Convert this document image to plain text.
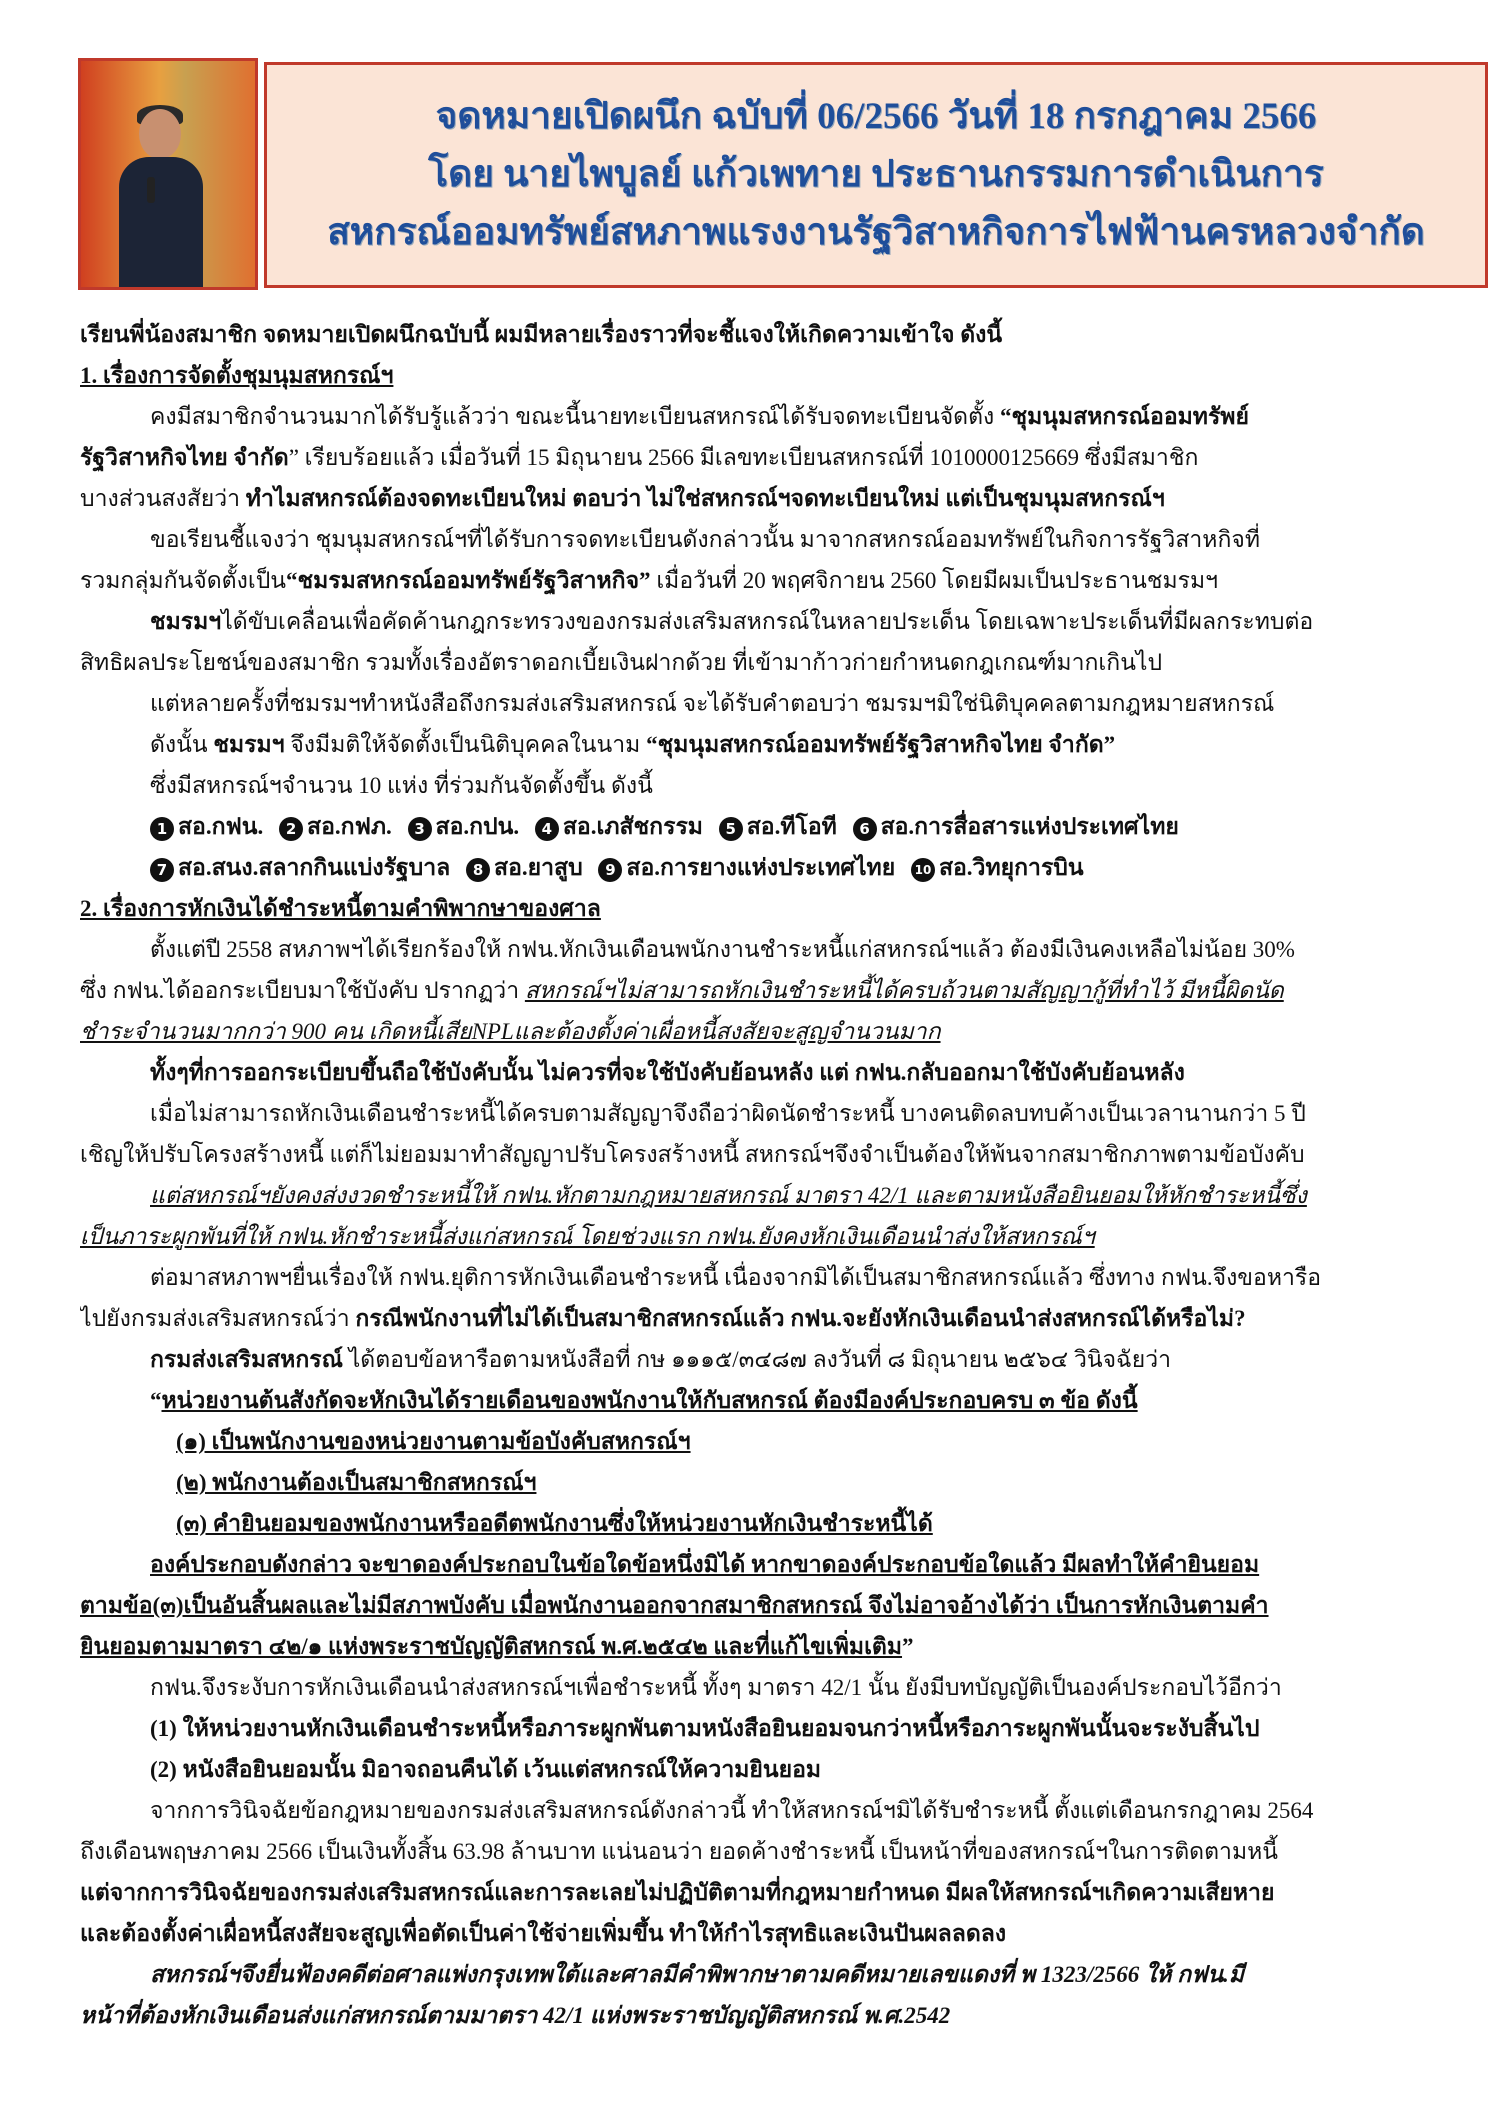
จดหมายเปิดผนึก ฉบับที่ 06/2566 วันที่ 18 กรกฎาคม 2566
โดย นายไพบูลย์ แก้วเพทาย ประธานกรรมการดำเนินการ
สหกรณ์ออมทรัพย์สหภาพแรงงานรัฐวิสาหกิจการไฟฟ้านครหลวงจำกัด

เรียนพี่น้องสมาชิก จดหมายเปิดผนึกฉบับนี้ ผมมีหลายเรื่องราวที่จะชี้แจงให้เกิดความเข้าใจ ดังนี้

1. เรื่องการจัดตั้งชุมนุมสหกรณ์ฯ

คงมีสมาชิกจำนวนมากได้รับรู้แล้วว่า ขณะนี้นายทะเบียนสหกรณ์ได้รับจดทะเบียนจัดตั้ง “ชุมนุมสหกรณ์ออมทรัพย์

รัฐวิสาหกิจไทย จำกัด” เรียบร้อยแล้ว เมื่อวันที่ 15 มิถุนายน 2566 มีเลขทะเบียนสหกรณ์ที่ 1010000125669 ซึ่งมีสมาชิก

บางส่วนสงสัยว่า ทำไมสหกรณ์ต้องจดทะเบียนใหม่ ตอบว่า ไม่ใช่สหกรณ์ฯจดทะเบียนใหม่ แต่เป็นชุมนุมสหกรณ์ฯ

ขอเรียนชี้แจงว่า ชุมนุมสหกรณ์ฯที่ได้รับการจดทะเบียนดังกล่าวนั้น มาจากสหกรณ์ออมทรัพย์ในกิจการรัฐวิสาหกิจที่

รวมกลุ่มกันจัดตั้งเป็น“ชมรมสหกรณ์ออมทรัพย์รัฐวิสาหกิจ” เมื่อวันที่ 20 พฤศจิกายน 2560 โดยมีผมเป็นประธานชมรมฯ

ชมรมฯได้ขับเคลื่อนเพื่อคัดค้านกฎกระทรวงของกรมส่งเสริมสหกรณ์ในหลายประเด็น โดยเฉพาะประเด็นที่มีผลกระทบต่อ

สิทธิผลประโยชน์ของสมาชิก รวมทั้งเรื่องอัตราดอกเบี้ยเงินฝากด้วย ที่เข้ามาก้าวก่ายกำหนดกฎเกณฑ์มากเกินไป

แต่หลายครั้งที่ชมรมฯทำหนังสือถึงกรมส่งเสริมสหกรณ์ จะได้รับคำตอบว่า ชมรมฯมิใช่นิติบุคคลตามกฎหมายสหกรณ์

ดังนั้น ชมรมฯ จึงมีมติให้จัดตั้งเป็นนิติบุคคลในนาม “ชุมนุมสหกรณ์ออมทรัพย์รัฐวิสาหกิจไทย จำกัด”

ซึ่งมีสหกรณ์ฯจำนวน 10 แห่ง ที่ร่วมกันจัดตั้งขึ้น ดังนี้

1 สอ.กฟน. 2 สอ.กฟภ. 3 สอ.กปน. 4 สอ.เภสัชกรรม 5 สอ.ทีโอที 6 สอ.การสื่อสารแห่งประเทศไทย

7 สอ.สนง.สลากกินแบ่งรัฐบาล 8 สอ.ยาสูบ 9 สอ.การยางแห่งประเทศไทย 10 สอ.วิทยุการบิน

2. เรื่องการหักเงินได้ชำระหนี้ตามคำพิพากษาของศาล

ตั้งแต่ปี 2558 สหภาพฯได้เรียกร้องให้ กฟน.หักเงินเดือนพนักงานชำระหนี้แก่สหกรณ์ฯแล้ว ต้องมีเงินคงเหลือไม่น้อย 30%

ซึ่ง กฟน.ได้ออกระเบียบมาใช้บังคับ ปรากฏว่า สหกรณ์ฯไม่สามารถหักเงินชำระหนี้ได้ครบถ้วนตามสัญญากู้ที่ทำไว้ มีหนี้ผิดนัด

ชำระจำนวนมากกว่า 900 คน เกิดหนี้เสียNPLและต้องตั้งค่าเผื่อหนี้สงสัยจะสูญจำนวนมาก

ทั้งๆที่การออกระเบียบขึ้นถือใช้บังคับนั้น ไม่ควรที่จะใช้บังคับย้อนหลัง แต่ กฟน.กลับออกมาใช้บังคับย้อนหลัง

เมื่อไม่สามารถหักเงินเดือนชำระหนี้ได้ครบตามสัญญาจึงถือว่าผิดนัดชำระหนี้ บางคนติดลบทบค้างเป็นเวลานานกว่า 5 ปี

เชิญให้ปรับโครงสร้างหนี้ แต่ก็ไม่ยอมมาทำสัญญาปรับโครงสร้างหนี้ สหกรณ์ฯจึงจำเป็นต้องให้พ้นจากสมาชิกภาพตามข้อบังคับ

แต่สหกรณ์ฯยังคงส่งงวดชำระหนี้ให้ กฟน.หักตามกฎหมายสหกรณ์ มาตรา 42/1 และตามหนังสือยินยอมให้หักชำระหนี้ซึ่ง

เป็นภาระผูกพันที่ให้ กฟน.หักชำระหนี้ส่งแก่สหกรณ์ โดยช่วงแรก กฟน.ยังคงหักเงินเดือนนำส่งให้สหกรณ์ฯ

ต่อมาสหภาพฯยื่นเรื่องให้ กฟน.ยุติการหักเงินเดือนชำระหนี้ เนื่องจากมิได้เป็นสมาชิกสหกรณ์แล้ว ซึ่งทาง กฟน.จึงขอหารือ

ไปยังกรมส่งเสริมสหกรณ์ว่า กรณีพนักงานที่ไม่ได้เป็นสมาชิกสหกรณ์แล้ว กฟน.จะยังหักเงินเดือนนำส่งสหกรณ์ได้หรือไม่?

กรมส่งเสริมสหกรณ์ ได้ตอบข้อหารือตามหนังสือที่ กษ ๑๑๑๕/๓๔๘๗ ลงวันที่ ๘ มิถุนายน ๒๕๖๔ วินิจฉัยว่า

“หน่วยงานต้นสังกัดจะหักเงินได้รายเดือนของพนักงานให้กับสหกรณ์ ต้องมีองค์ประกอบครบ ๓ ข้อ ดังนี้

(๑) เป็นพนักงานของหน่วยงานตามข้อบังคับสหกรณ์ฯ

(๒) พนักงานต้องเป็นสมาชิกสหกรณ์ฯ

(๓) คำยินยอมของพนักงานหรืออดีตพนักงานซึ่งให้หน่วยงานหักเงินชำระหนี้ได้

องค์ประกอบดังกล่าว จะขาดองค์ประกอบในข้อใดข้อหนึ่งมิได้ หากขาดองค์ประกอบข้อใดแล้ว มีผลทำให้คำยินยอม

ตามข้อ(๓)เป็นอันสิ้นผลและไม่มีสภาพบังคับ เมื่อพนักงานออกจากสมาชิกสหกรณ์ จึงไม่อาจอ้างได้ว่า เป็นการหักเงินตามคำ

ยินยอมตามมาตรา ๔๒/๑ แห่งพระราชบัญญัติสหกรณ์ พ.ศ.๒๕๔๒ และที่แก้ไขเพิ่มเติม”

กฟน.จึงระงับการหักเงินเดือนนำส่งสหกรณ์ฯเพื่อชำระหนี้ ทั้งๆ มาตรา 42/1 นั้น ยังมีบทบัญญัติเป็นองค์ประกอบไว้อีกว่า

(1) ให้หน่วยงานหักเงินเดือนชำระหนี้หรือภาระผูกพันตามหนังสือยินยอมจนกว่าหนี้หรือภาระผูกพันนั้นจะระงับสิ้นไป

(2) หนังสือยินยอมนั้น มิอาจถอนคืนได้ เว้นแต่สหกรณ์ให้ความยินยอม

จากการวินิจฉัยข้อกฎหมายของกรมส่งเสริมสหกรณ์ดังกล่าวนี้ ทำให้สหกรณ์ฯมิได้รับชำระหนี้ ตั้งแต่เดือนกรกฎาคม 2564

ถึงเดือนพฤษภาคม 2566 เป็นเงินทั้งสิ้น 63.98 ล้านบาท แน่นอนว่า ยอดค้างชำระหนี้ เป็นหน้าที่ของสหกรณ์ฯในการติดตามหนี้

แต่จากการวินิจฉัยของกรมส่งเสริมสหกรณ์และการละเลยไม่ปฏิบัติตามที่กฎหมายกำหนด มีผลให้สหกรณ์ฯเกิดความเสียหาย

และต้องตั้งค่าเผื่อหนี้สงสัยจะสูญเพื่อตัดเป็นค่าใช้จ่ายเพิ่มขึ้น ทำให้กำไรสุทธิและเงินปันผลลดลง

สหกรณ์ฯจึงยื่นฟ้องคดีต่อศาลแพ่งกรุงเทพใต้และศาลมีคำพิพากษาตามคดีหมายเลขแดงที่ พ 1323/2566 ให้ กฟน.มี

หน้าที่ต้องหักเงินเดือนส่งแก่สหกรณ์ตามมาตรา 42/1 แห่งพระราชบัญญัติสหกรณ์ พ.ศ.2542
